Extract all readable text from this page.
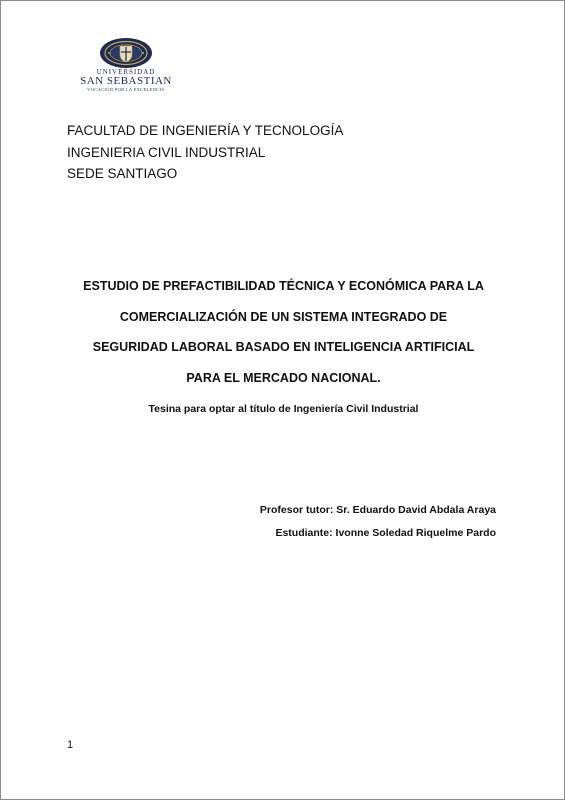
UNIVERSIDAD
SAN SEBASTIAN
VOCACIÓN POR LA EXCELENCIA
FACULTAD DE INGENIERÍA Y TECNOLOGÍA
INGENIERIA CIVIL INDUSTRIAL
SEDE SANTIAGO
ESTUDIO DE PREFACTIBILIDAD TÉCNICA Y ECONÓMICA PARA LA
COMERCIALIZACIÓN DE UN SISTEMA INTEGRADO DE
SEGURIDAD LABORAL BASADO EN INTELIGENCIA ARTIFICIAL
PARA EL MERCADO NACIONAL.
Tesina para optar al título de Ingeniería Civil Industrial
Profesor tutor: Sr. Eduardo David Abdala Araya
Estudiante: Ivonne Soledad Riquelme Pardo
1
